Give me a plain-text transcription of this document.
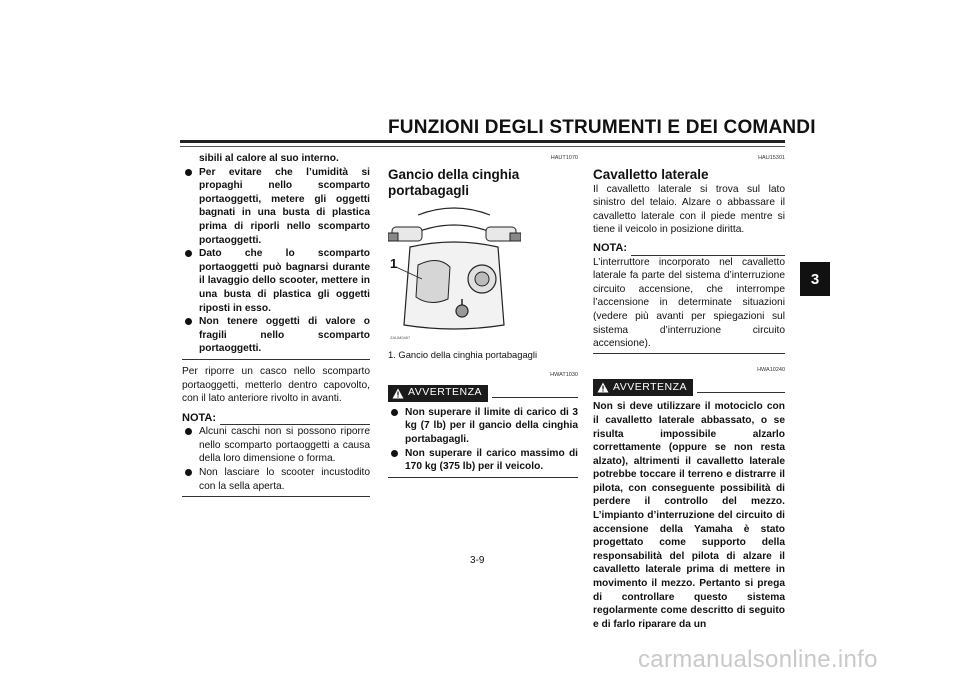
FUNZIONI DEGLI STRUMENTI E DEI COMANDI
3
sibili al calore al suo interno.
Per evitare che l’umidità si propaghi nello scomparto portaoggetti, metere gli oggetti bagnati in una busta di plastica prima di riporli nello scomparto portaoggetti.
Dato che lo scomparto portaoggetti può bagnarsi durante il lavaggio dello scooter, mettere in una busta di plastica gli oggetti riposti in esso.
Non tenere oggetti di valore o fragili nello scomparto portaoggetti.
Per riporre un casco nello scomparto portaoggetti, metterlo dentro capovolto, con il lato anteriore rivolto in avanti.
NOTA:
Alcuni caschi non si possono riporre nello scomparto portaoggetti a causa della loro dimensione o forma.
Non lasciare lo scooter incustodito con la sella aperta.
HAUT1070
Gancio della cinghia portabagagli
1
ZAUM0467
1. Gancio della cinghia portabagagli
HWAT1030
AVVERTENZA
Non superare il limite di carico di 3 kg (7 lb) per il gancio della cinghia portabagagli.
Non superare il carico massimo di 170 kg (375 lb) per il veicolo.
HAU15301
Cavalletto laterale
Il cavalletto laterale si trova sul lato sinistro del telaio. Alzare o abbassare il cavalletto laterale con il piede mentre si tiene il veicolo in posizione diritta.
NOTA:
L’interruttore incorporato nel cavalletto laterale fa parte del sistema d’interruzione circuito accensione, che interrompe l’accensione in determinate situazioni (vedere più avanti per spiegazioni sul sistema d’interruzione circuito accensione).
HWA10240
AVVERTENZA
Non si deve utilizzare il motociclo con il cavalletto laterale abbassato, o se risulta impossibile alzarlo correttamente (oppure se non resta alzato), altrimenti il cavalletto laterale potrebbe toccare il terreno e distrarre il pilota, con conseguente possibilità di perdere il controllo del mezzo. L’impianto d’interruzione del circuito di accensione della Yamaha è stato progettato come supporto della responsabilità del pilota di alzare il cavalletto laterale prima di mettere in movimento il mezzo. Pertanto si prega di controllare questo sistema regolarmente come descritto di seguito e di farlo riparare da un
3-9
carmanualsonline.info
